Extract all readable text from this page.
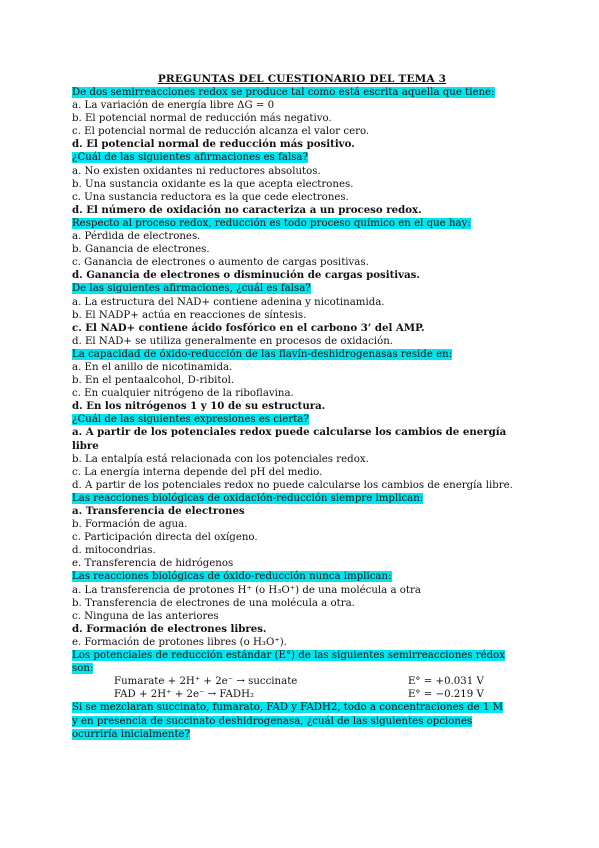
PREGUNTAS DEL CUESTIONARIO DEL TEMA 3

De dos semirreacciones redox se produce tal como está escrita aquella que tiene:

a. La variación de energía libre ΔG = 0

b. El potencial normal de reducción más negativo.

c. El potencial normal de reducción alcanza el valor cero.

d. El potencial normal de reducción más positivo.

¿Cuál de las siguientes afirmaciones es falsa?

a. No existen oxidantes ni reductores absolutos.

b. Una sustancia oxidante es la que acepta electrones.

c. Una sustancia reductora es la que cede electrones.

d. El número de oxidación no caracteriza a un proceso redox.

Respecto al proceso redox, reducción es todo proceso químico en el que hay:

a. Pérdida de electrones.

b. Ganancia de electrones.

c. Ganancia de electrones o aumento de cargas positivas.

d. Ganancia de electrones o disminución de cargas positivas.

De las siguientes afirmaciones, ¿cuál es falsa?

a. La estructura del NAD+ contiene adenina y nicotinamida.

b. El NADP+ actúa en reacciones de síntesis.

c. El NAD+ contiene ácido fosfórico en el carbono 3’ del AMP.

d. El NAD+ se utiliza generalmente en procesos de oxidación.

La capacidad de óxido-reducción de las flavín-deshidrogenasas reside en:

a. En el anillo de nicotinamida.

b. En el pentaalcohol, D-ribitol.

c. En cualquier nitrógeno de la riboflavina.

d. En los nitrógenos 1 y 10 de su estructura.

¿Cuál de las siguientes expresiones es cierta?

a. A partir de los potenciales redox puede calcularse los cambios de energía libre

b. La entalpía está relacionada con los potenciales redox.

c. La energía interna depende del pH del medio.

d. A partir de los potenciales redox no puede calcularse los cambios de energía libre.

Las reacciones biológicas de oxidación-reducción siempre implican:

a. Transferencia de electrones

b. Formación de agua.

c. Participación directa del oxígeno.

d. mitocondrias.

e. Transferencia de hidrógenos

Las reacciones biológicas de óxido-reducción nunca implican:

a. La transferencia de protones H⁺ (o H₃O⁺) de una molécula a otra

b. Transferencia de electrones de una molécula a otra.

c. Ninguna de las anteriores

d. Formación de electrones libres.

e. Formación de protones libres (o H₃O⁺).

Los potenciales de reducción estándar (E°) de las siguientes semirreacciones rédox

son:

Fumarate + 2H⁺ + 2e⁻ → succinate	E° = +0.031 V
FAD + 2H⁺ + 2e⁻ → FADH₂	E° = −0.219 V

Si se mezclaran succinato, fumarato, FAD y FADH2, todo a concentraciones de 1 M

y en presencia de succinato deshidrogenasa, ¿cuál de las siguientes opciones

ocurriría inicialmente?
